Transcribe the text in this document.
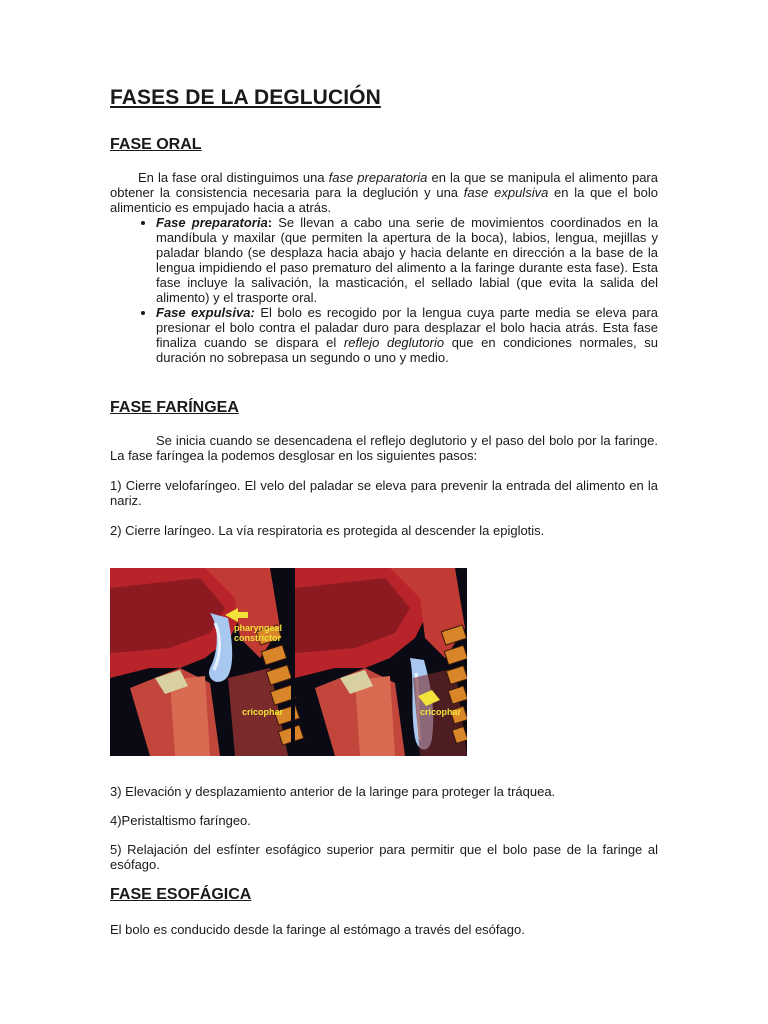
FASES DE LA DEGLUCIÓN
FASE ORAL

En la fase oral distinguimos una fase preparatoria en la que se manipula el alimento para obtener la consistencia necesaria para la deglución y una fase expulsiva en la que el bolo alimenticio es empujado hacia a atrás.

• Fase preparatoria: Se llevan a cabo una serie de movimientos coordinados en la mandíbula y maxilar (que permiten la apertura de la boca), labios, lengua, mejillas y paladar blando (se desplaza hacia abajo y hacia delante en dirección a la base de la lengua impidiendo el paso prematuro del alimento a la faringe durante esta fase). Esta fase incluye la salivación, la masticación, el sellado labial (que evita la salida del alimento) y el trasporte oral.
• Fase expulsiva: El bolo es recogido por la lengua cuya parte media se eleva para presionar el bolo contra el paladar duro para desplazar el bolo hacia atrás. Esta fase finaliza cuando se dispara el reflejo deglutorio que en condiciones normales, su duración no sobrepasa un segundo o uno y medio.
FASE FARÍNGEA

Se inicia cuando se desencadena el reflejo deglutorio y el paso del bolo por la faringe. La fase faríngea la podemos desglosar en los siguientes pasos:

1) Cierre velofaríngeo. El velo del paladar se eleva para prevenir la entrada del alimento en la nariz.

2) Cierre laríngeo. La vía respiratoria es protegida al descender la epiglotis.

pharyngeal
constrictor
cricophar	cricophar

3) Elevación y desplazamiento anterior de la laringe para proteger la tráquea.

4)Peristaltismo faríngeo.

5) Relajación del esfínter esofágico superior para permitir que el bolo pase de la faringe al esófago.

FASE ESOFÁGICA

El bolo es conducido desde la faringe al estómago a través del esófago.
